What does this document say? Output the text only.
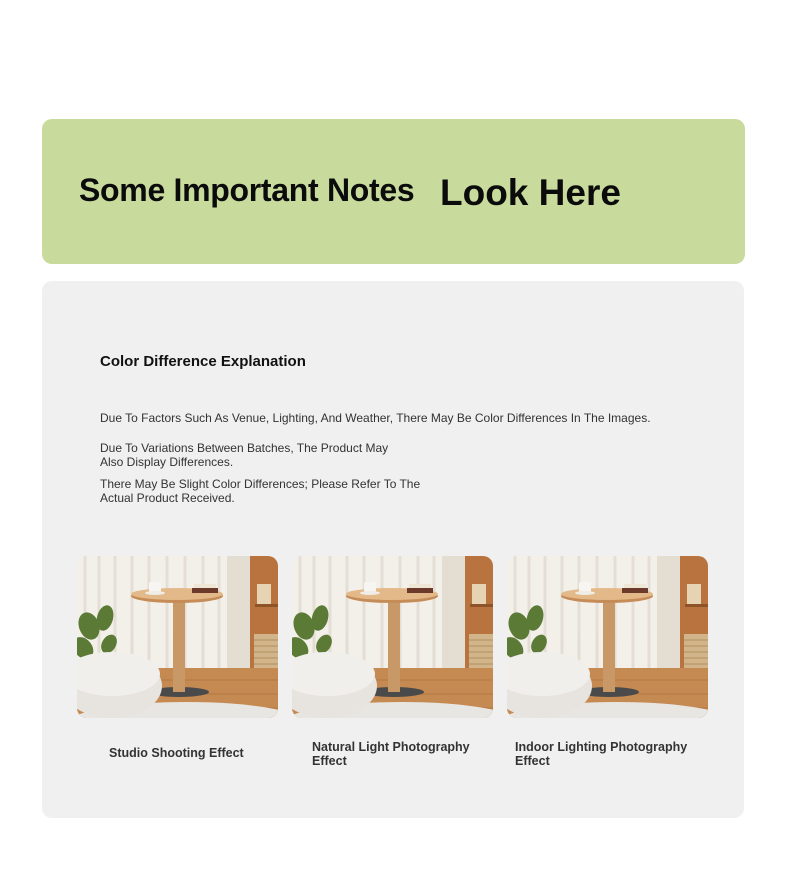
Some Important Notes Look Here
Color Difference Explanation
Due To Factors Such As Venue, Lighting, And Weather, There May Be Color Differences In The Images.
Due To Variations Between Batches, The Product May Also Display Differences.
There May Be Slight Color Differences; Please Refer To The Actual Product Received.
Studio Shooting Effect	Natural Light Photography Effect
Indoor Lighting Photography Effect
